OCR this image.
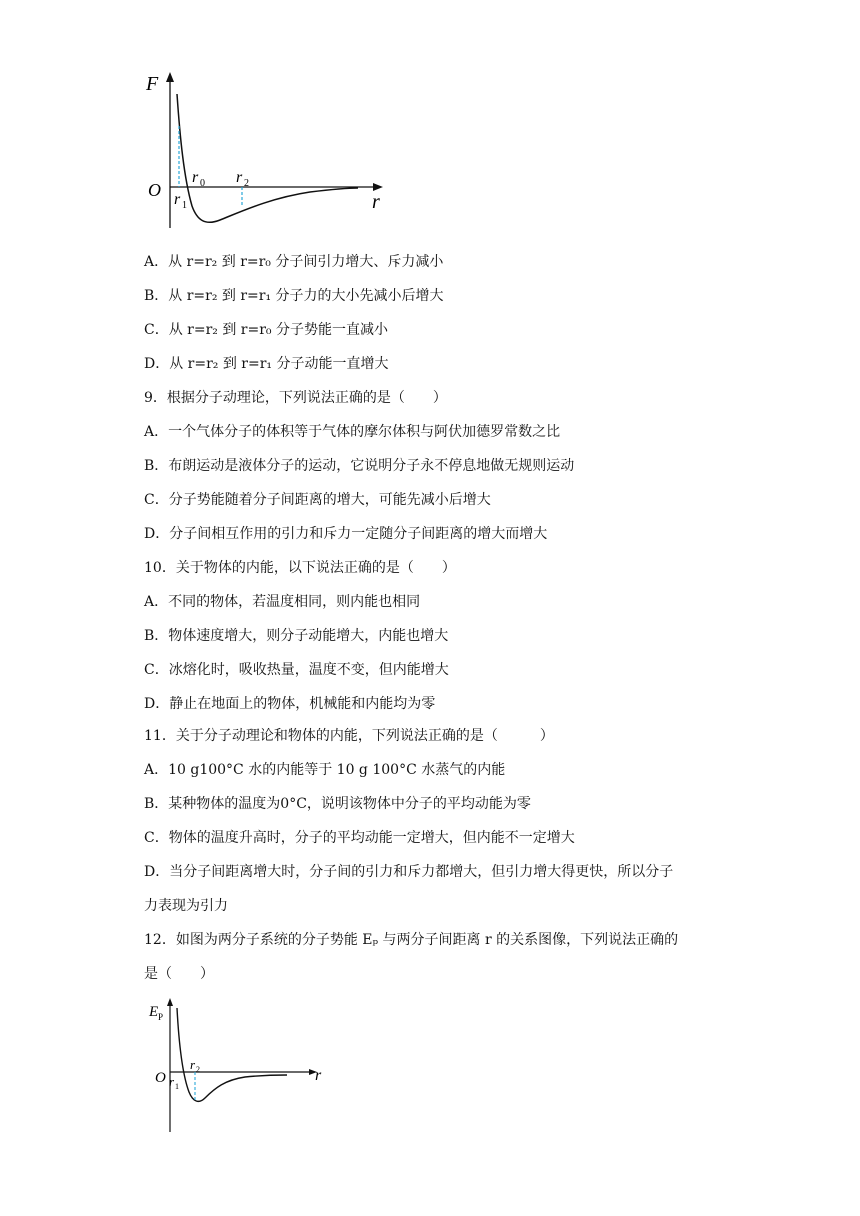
F
O
r
r 0
r 1
r 2
A．从 r=r₂ 到 r=r₀ 分子间引力增大、斥力减小
B．从 r=r₂ 到 r=r₁ 分子力的大小先减小后增大
C．从 r=r₂ 到 r=r₀ 分子势能一直减小
D．从 r=r₂ 到 r=r₁ 分子动能一直增大
9．根据分子动理论，下列说法正确的是（　　）
A．一个气体分子的体积等于气体的摩尔体积与阿伏加德罗常数之比
B．布朗运动是液体分子的运动，它说明分子永不停息地做无规则运动
C．分子势能随着分子间距离的增大，可能先减小后增大
D．分子间相互作用的引力和斥力一定随分子间距离的增大而增大
10．关于物体的内能，以下说法正确的是（　　）
A．不同的物体，若温度相同，则内能也相同
B．物体速度增大，则分子动能增大，内能也增大
C．冰熔化时，吸收热量，温度不变，但内能增大
D．静止在地面上的物体，机械能和内能均为零
11．关于分子动理论和物体的内能，下列说法正确的是（　　　）
A．10 g100°C 水的内能等于 10 g 100°C 水蒸气的内能
B．某种物体的温度为0°C，说明该物体中分子的平均动能为零
C．物体的温度升高时，分子的平均动能一定增大，但内能不一定增大
D．当分子间距离增大时，分子间的引力和斥力都增大，但引力增大得更快，所以分子
力表现为引力
12．如图为两分子系统的分子势能 Eₚ 与两分子间距离 r 的关系图像，下列说法正确的
是（　　）
E P
O	r
r 1
r 2
